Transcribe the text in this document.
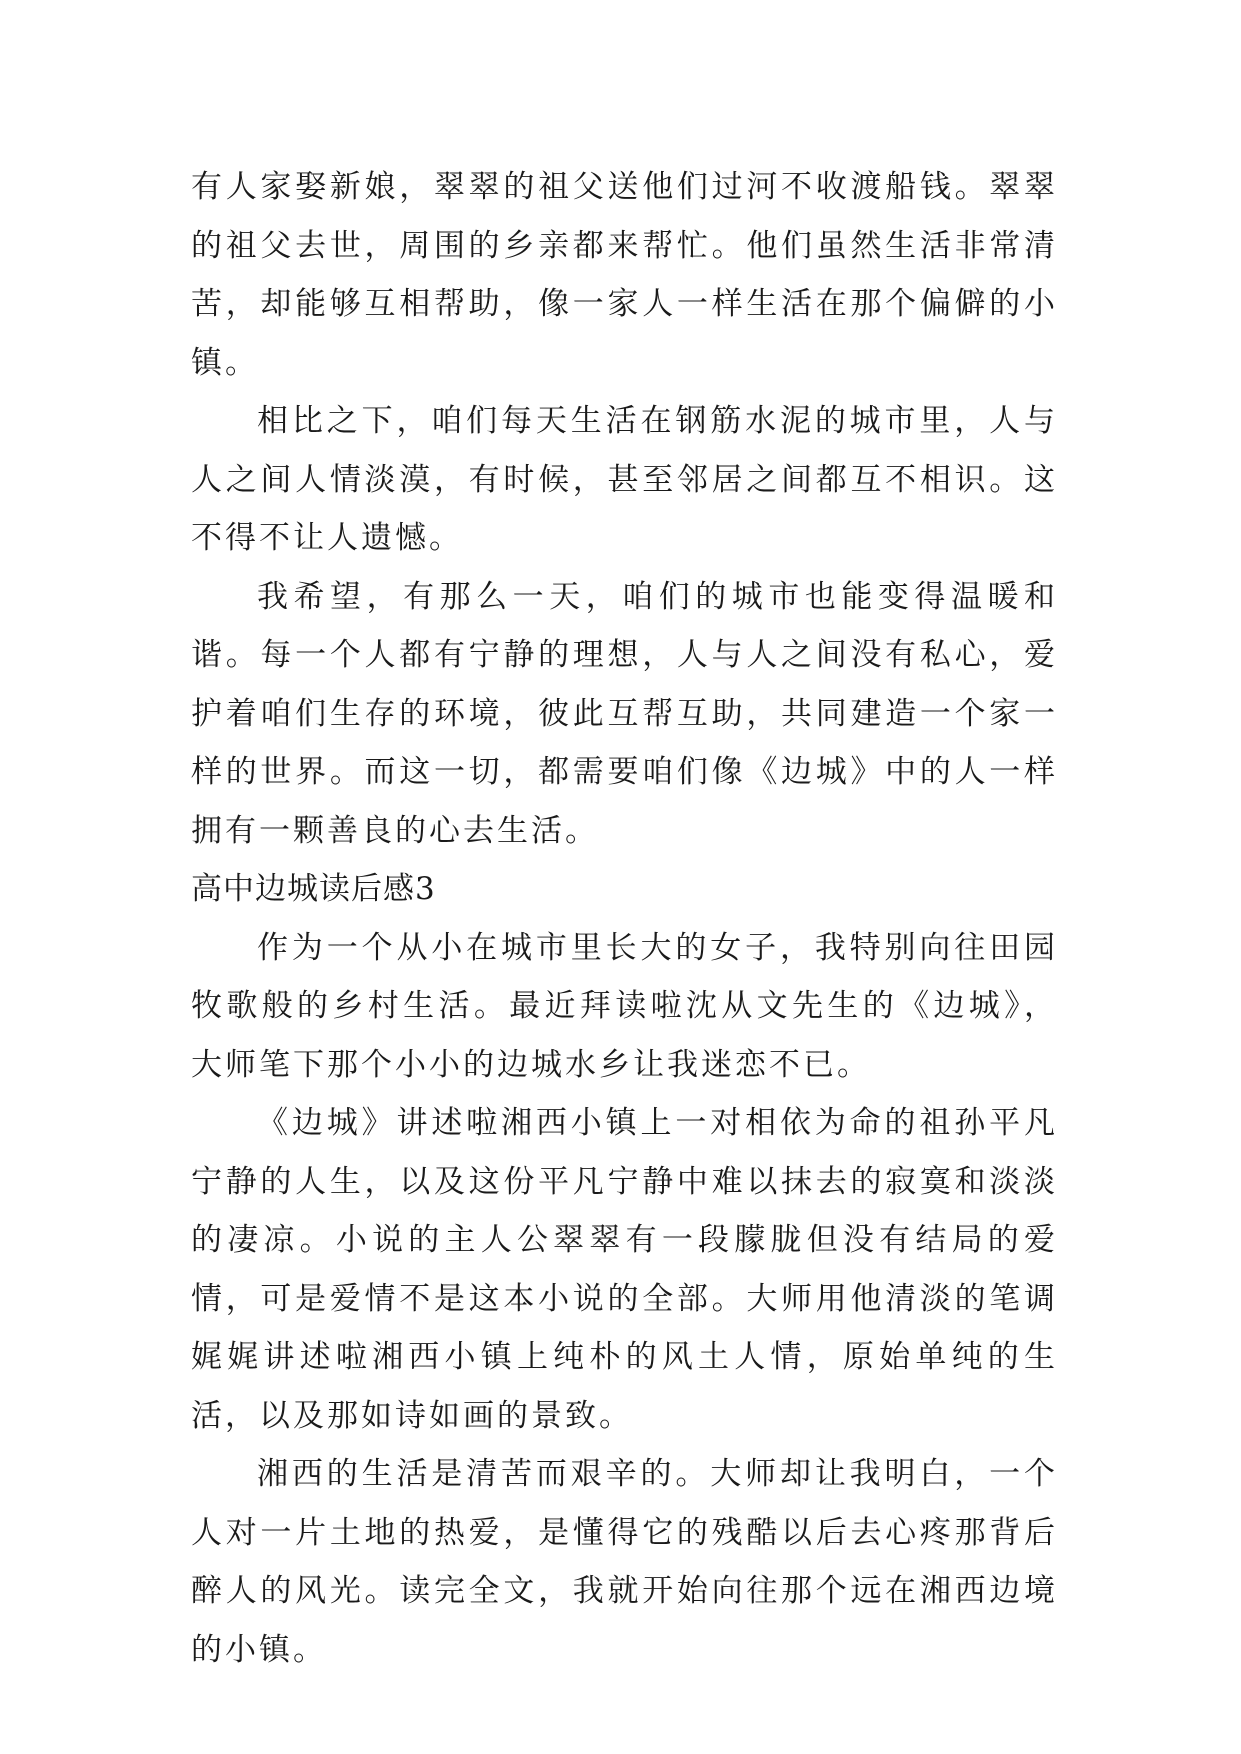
有人家娶新娘，翠翠的祖父送他们过河不收渡船钱。翠翠的祖父去世，周围的乡亲都来帮忙。他们虽然生活非常清苦，却能够互相帮助，像一家人一样生活在那个偏僻的小镇。

相比之下，咱们每天生活在钢筋水泥的城市里，人与人之间人情淡漠，有时候，甚至邻居之间都互不相识。这不得不让人遗憾。

我希望，有那么一天，咱们的城市也能变得温暖和谐。每一个人都有宁静的理想，人与人之间没有私心，爱护着咱们生存的环境，彼此互帮互助，共同建造一个家一样的世界。而这一切，都需要咱们像《边城》中的人一样拥有一颗善良的心去生活。

高中边城读后感3

作为一个从小在城市里长大的女子，我特别向往田园牧歌般的乡村生活。最近拜读啦沈从文先生的《边城》，大师笔下那个小小的边城水乡让我迷恋不已。

《边城》讲述啦湘西小镇上一对相依为命的祖孙平凡宁静的人生，以及这份平凡宁静中难以抹去的寂寞和淡淡的凄凉。小说的主人公翠翠有一段朦胧但没有结局的爱情，可是爱情不是这本小说的全部。大师用他清淡的笔调娓娓讲述啦湘西小镇上纯朴的风土人情，原始单纯的生活，以及那如诗如画的景致。

湘西的生活是清苦而艰辛的。大师却让我明白，一个人对一片土地的热爱，是懂得它的残酷以后去心疼那背后醉人的风光。读完全文，我就开始向往那个远在湘西边境的小镇。
